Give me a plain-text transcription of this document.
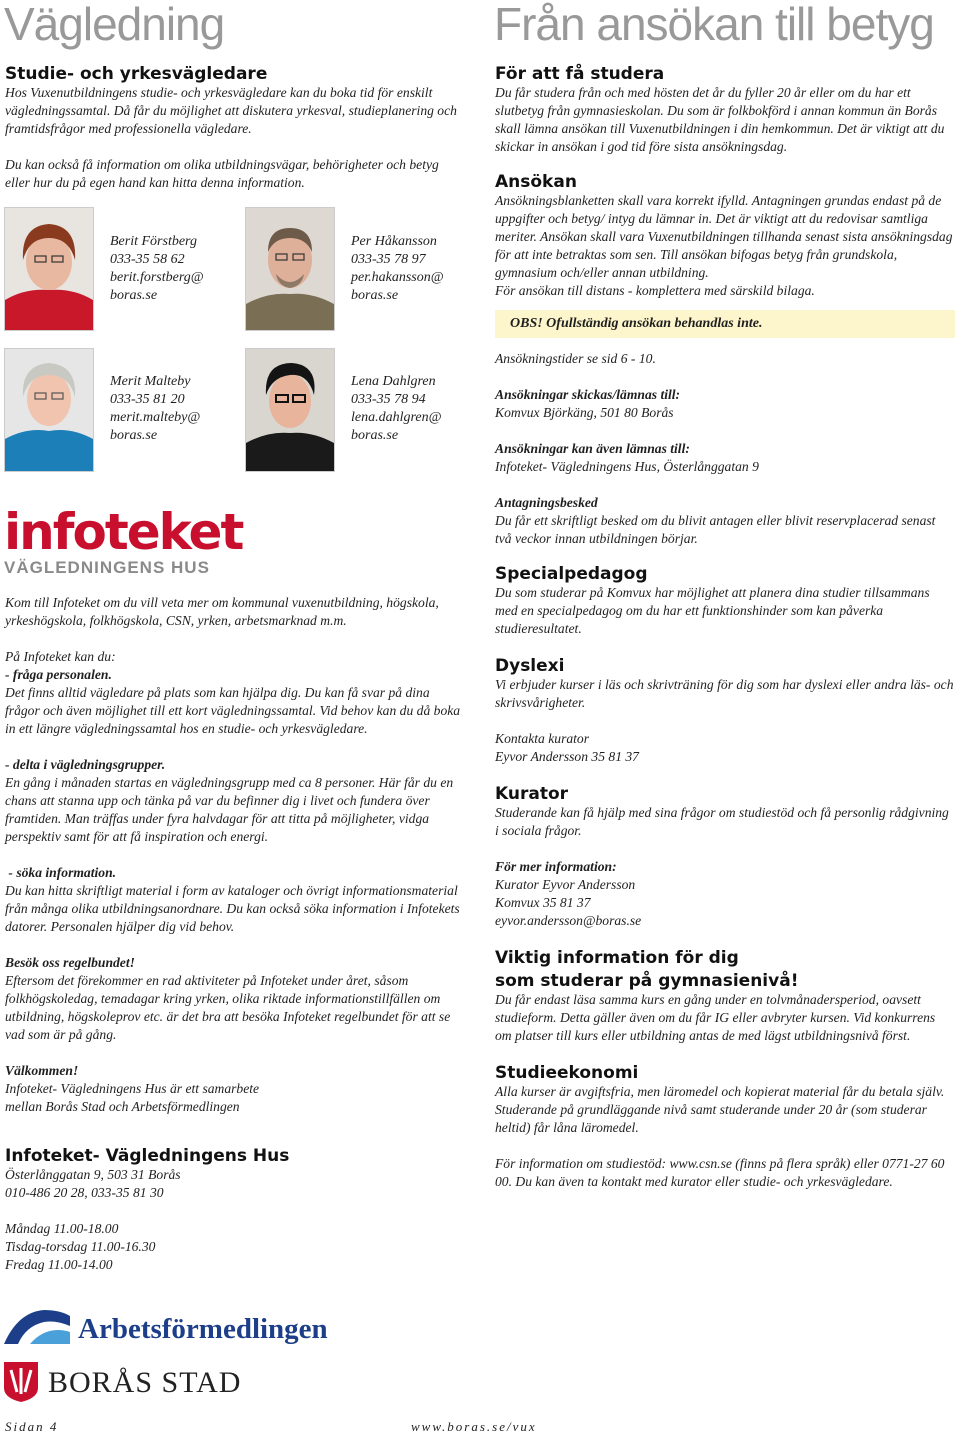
Vägledning
Studie- och yrkesvägledare

Hos Vuxenutbildningens studie- och yrkesvägledare kan du boka tid för enskilt vägledningssamtal. Då får du möjlighet att diskutera yrkesval, studieplanering och framtidsfrågor med professionella vägledare.

Du kan också få information om olika utbildningsvägar, behörigheter och betyg eller hur du på egen hand kan hitta denna information.

Berit Förstberg
033-35 58 62
berit.forstberg@
boras.se
Per Håkansson
033-35 78 97
per.hakansson@
boras.se
Merit Malteby
033-35 81 20
merit.malteby@
boras.se
Lena Dahlgren
033-35 78 94
lena.dahlgren@
boras.se
infoteket
VÄGLEDNINGENS HUS

Kom till Infoteket om du vill veta mer om kommunal vuxenutbildning, högskola, yrkeshögskola, folkhögskola, CSN, yrken, arbetsmarknad m.m.

På Infoteket kan du:

- fråga personalen.

Det finns alltid vägledare på plats som kan hjälpa dig. Du kan få svar på dina frågor och även möjlighet till ett kort vägledningssamtal. Vid behov kan du då boka in ett längre vägledningssamtal hos en studie- och yrkesvägledare.

- delta i vägledningsgrupper.

En gång i månaden startas en vägledningsgrupp med ca 8 personer. Här får du en chans att stanna upp och tänka på var du befinner dig i livet och fundera över framtiden. Man träffas under fyra halvdagar för att titta på möjligheter, vidga perspektiv samt för att få inspiration och energi.

- söka information.

Du kan hitta skriftligt material i form av kataloger och övrigt informationsmaterial från många olika utbildningsanordnare. Du kan också söka information i Infotekets datorer. Personalen hjälper dig vid behov.

Besök oss regelbundet!

Eftersom det förekommer en rad aktiviteter på Infoteket under året, såsom folkhögskoledag, temadagar kring yrken, olika riktade informationstillfällen om utbildning, högskoleprov etc. är det bra att besöka Infoteket regelbundet för att se vad som är på gång.

Välkommen!

Infoteket- Vägledningens Hus är ett samarbete

mellan Borås Stad och Arbetsförmedlingen

Infoteket- Vägledningens Hus

Österlånggatan 9, 503 31 Borås

010-486 20 28, 033-35 81 30

Måndag 11.00-18.00

Tisdag-torsdag 11.00-16.30

Fredag 11.00-14.00

Arbetsförmedlingen
BORÅS STAD
Sidan 4	www.boras.se/vux
Från ansökan till betyg
För att få studera

Du får studera från och med hösten det år du fyller 20 år eller om du har ett slutbetyg från gymnasieskolan. Du som är folkbokförd i annan kommun än Borås skall lämna ansökan till Vuxenutbildningen i din hemkommun. Det är viktigt att du skickar in ansökan i god tid före sista ansökningsdag.

Ansökan

Ansökningsblanketten skall vara korrekt ifylld. Antagningen grundas endast på de uppgifter och betyg/ intyg du lämnar in. Det är viktigt att du redovisar samtliga meriter. Ansökan skall vara Vuxenutbildningen tillhanda senast sista ansökningsdag för att inte betraktas som sen. Till ansökan bifogas betyg från grundskola, gymnasium och/eller annan utbildning.

För ansökan till distans - komplettera med särskild bilaga.

OBS! Ofullständig ansökan behandlas inte.

Ansökningstider se sid 6 - 10.

Ansökningar skickas/lämnas till:

Komvux Björkäng, 501 80 Borås

Ansökningar kan även lämnas till:

Infoteket- Vägledningens Hus, Österlånggatan 9

Antagningsbesked

Du får ett skriftligt besked om du blivit antagen eller blivit reservplacerad senast två veckor innan utbildningen börjar.

Specialpedagog

Du som studerar på Komvux har möjlighet att planera dina studier tillsammans med en specialpedagog om du har ett funktionshinder som kan påverka studieresultatet.

Dyslexi

Vi erbjuder kurser i läs och skrivträning för dig som har dyslexi eller andra läs- och skrivsvårigheter.

Kontakta kurator

Eyvor Andersson 35 81 37

Kurator

Studerande kan få hjälp med sina frågor om studiestöd och få personlig rådgivning i sociala frågor.

För mer information:

Kurator Eyvor Andersson

Komvux 35 81 37

eyvor.andersson@boras.se

Viktig information för dig
som studerar på gymnasienivå!

Du får endast läsa samma kurs en gång under en tolvmånadersperiod, oavsett studieform. Detta gäller även om du får IG eller avbryter kursen. Vid konkurrens om platser till kurs eller utbildning antas de med lägst utbildningsnivå först.

Studieekonomi

Alla kurser är avgiftsfria, men läromedel och kopierat material får du betala själv. Studerande på grundläggande nivå samt studerande under 20 år (som studerar heltid) får låna läromedel.

För information om studiestöd: www.csn.se (finns på flera språk) eller 0771-27 60 00. Du kan även ta kontakt med kurator eller studie- och yrkesvägledare.
